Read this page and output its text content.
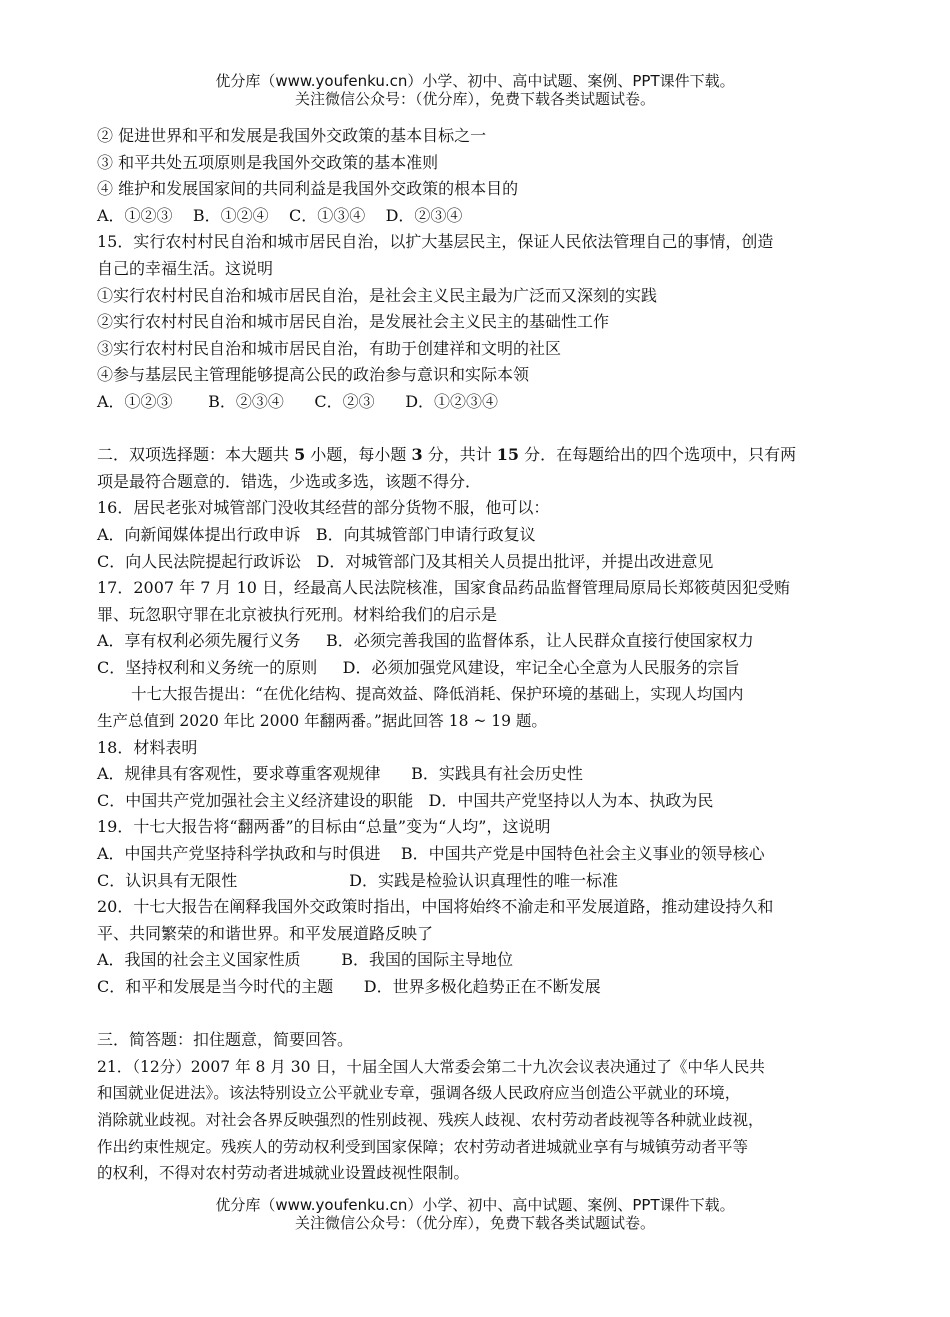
优分库（www.youfenku.cn）小学、初中、高中试题、案例、PPT课件下载。
关注微信公众号：（优分库），免费下载各类试题试卷。
② 促进世界和平和发展是我国外交政策的基本目标之一
③ 和平共处五项原则是我国外交政策的基本准则
④ 维护和发展国家间的共同利益是我国外交政策的根本目的
A．①②③    B．①②④    C．①③④    D．②③④
15．实行农村村民自治和城市居民自治，以扩大基层民主，保证人民依法管理自己的事情，创造
自己的幸福生活。这说明
①实行农村村民自治和城市居民自治，是社会主义民主最为广泛而又深刻的实践
②实行农村村民自治和城市居民自治，是发展社会主义民主的基础性工作
③实行农村村民自治和城市居民自治，有助于创建祥和文明的社区
④参与基层民主管理能够提高公民的政治参与意识和实际本领
A．①②③       B．②③④      C．②③      D．①②③④
二．双项选择题：本大题共 5 小题，每小题 3 分，共计 15 分．在每题给出的四个选项中，只有两
项是最符合题意的．错选，少选或多选，该题不得分．
16．居民老张对城管部门没收其经营的部分货物不服，他可以：
A．向新闻媒体提出行政申诉   B．向其城管部门申请行政复议
C．向人民法院提起行政诉讼   D．对城管部门及其相关人员提出批评，并提出改进意见
17．2007 年 7 月 10 日，经最高人民法院核准，国家食品药品监督管理局原局长郑筱萸因犯受贿
罪、玩忽职守罪在北京被执行死刑。材料给我们的启示是
A．享有权利必须先履行义务     B．必须完善我国的监督体系，让人民群众直接行使国家权力
C．坚持权利和义务统一的原则     D．必须加强党风建设，牢记全心全意为人民服务的宗旨
十七大报告提出：“在优化结构、提高效益、降低消耗、保护环境的基础上，实现人均国内
生产总值到 2020 年比 2000 年翻两番。”据此回答 18 ~ 19 题。
18．材料表明
A．规律具有客观性，要求尊重客观规律      B．实践具有社会历史性
C．中国共产党加强社会主义经济建设的职能   D．中国共产党坚持以人为本、执政为民
19．十七大报告将“翻两番”的目标由“总量”变为“人均”，这说明
A．中国共产党坚持科学执政和与时俱进    B．中国共产党是中国特色社会主义事业的领导核心
C．认识具有无限性                      D．实践是检验认识真理性的唯一标准
20．十七大报告在阐释我国外交政策时指出，中国将始终不渝走和平发展道路，推动建设持久和
平、共同繁荣的和谐世界。和平发展道路反映了
A．我国的社会主义国家性质        B．我国的国际主导地位
C．和平和发展是当今时代的主题      D．世界多极化趋势正在不断发展
三．简答题：扣住题意，简要回答。
21．（12分）2007 年 8 月 30 日，十届全国人大常委会第二十九次会议表决通过了《中华人民共
和国就业促进法》。该法特别设立公平就业专章，强调各级人民政府应当创造公平就业的环境，
消除就业歧视。对社会各界反映强烈的性别歧视、残疾人歧视、农村劳动者歧视等各种就业歧视，
作出约束性规定。残疾人的劳动权利受到国家保障；农村劳动者进城就业享有与城镇劳动者平等
的权利，不得对农村劳动者进城就业设置歧视性限制。
优分库（www.youfenku.cn）小学、初中、高中试题、案例、PPT课件下载。
关注微信公众号：（优分库），免费下载各类试题试卷。
